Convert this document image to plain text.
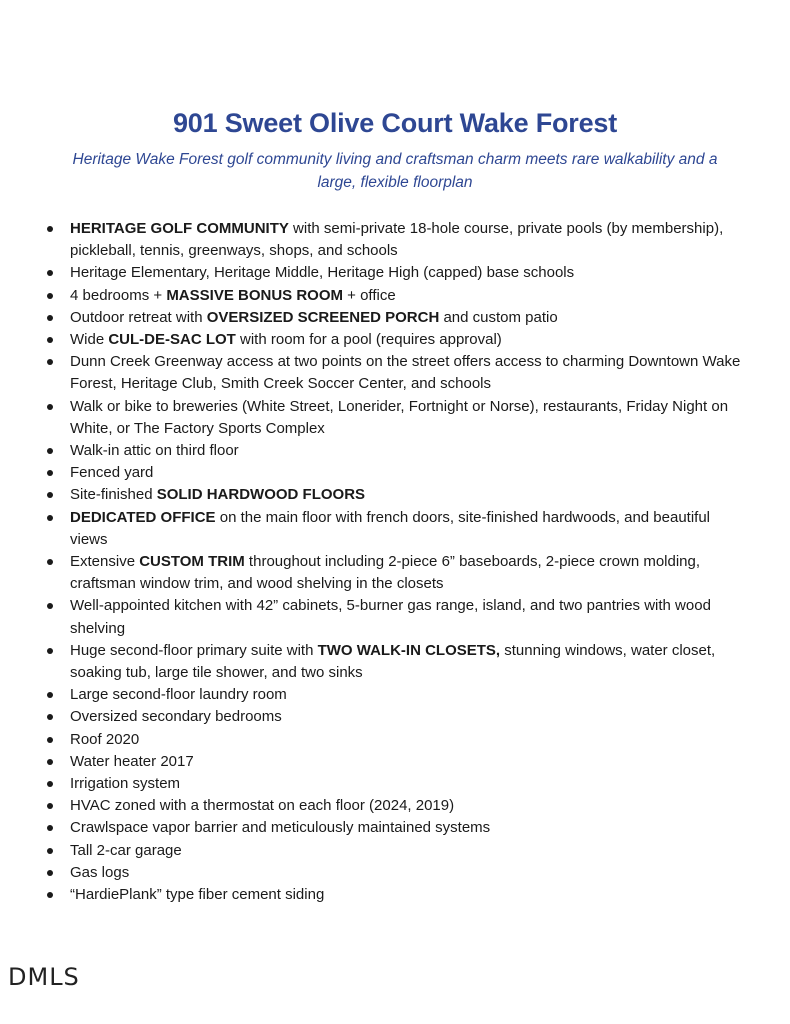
901 Sweet Olive Court Wake Forest
Heritage Wake Forest golf community living and craftsman charm meets rare walkability and a large, flexible floorplan
HERITAGE GOLF COMMUNITY with semi-private 18-hole course, private pools (by membership), pickleball, tennis, greenways, shops, and schools
Heritage Elementary, Heritage Middle, Heritage High (capped) base schools
4 bedrooms + MASSIVE BONUS ROOM + office
Outdoor retreat with OVERSIZED SCREENED PORCH and custom patio
Wide CUL-DE-SAC LOT with room for a pool (requires approval)
Dunn Creek Greenway access at two points on the street offers access to charming Downtown Wake Forest, Heritage Club, Smith Creek Soccer Center, and schools
Walk or bike to breweries (White Street, Lonerider, Fortnight or Norse), restaurants, Friday Night on White, or The Factory Sports Complex
Walk-in attic on third floor
Fenced yard
Site-finished SOLID HARDWOOD FLOORS
DEDICATED OFFICE on the main floor with french doors, site-finished hardwoods, and beautiful views
Extensive CUSTOM TRIM throughout including 2-piece 6” baseboards, 2-piece crown molding, craftsman window trim, and wood shelving in the closets
Well-appointed kitchen with 42” cabinets, 5-burner gas range, island, and two pantries with wood shelving
Huge second-floor primary suite with TWO WALK-IN CLOSETS, stunning windows, water closet, soaking tub, large tile shower, and two sinks
Large second-floor laundry room
Oversized secondary bedrooms
Roof 2020
Water heater 2017
Irrigation system
HVAC zoned with a thermostat on each floor (2024, 2019)
Crawlspace vapor barrier and meticulously maintained systems
Tall 2-car garage
Gas logs
“HardiePlank” type fiber cement siding
DMLS
